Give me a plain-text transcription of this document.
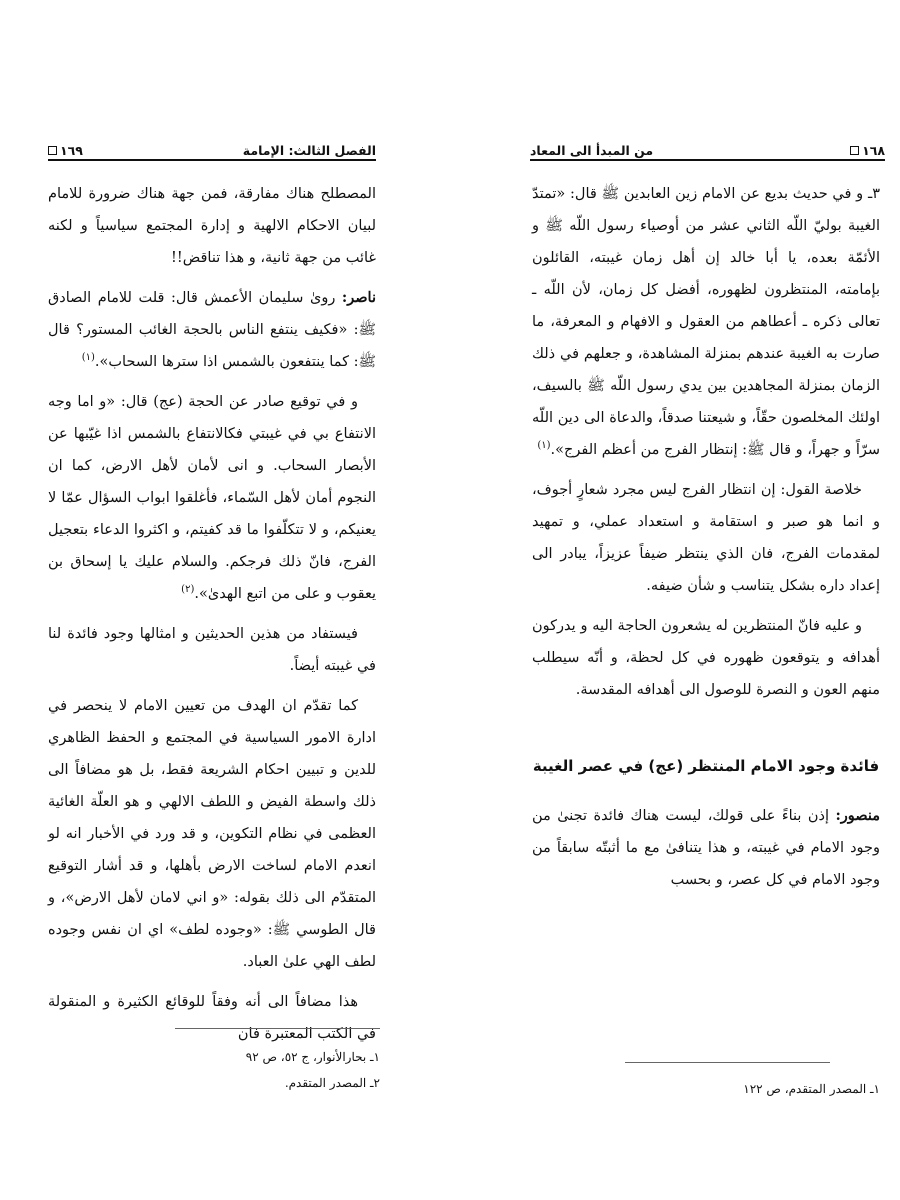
الفصل الثالث: الإمامة
١٦٩

المصطلح هناك مفارقة، فمن جهة هناك ضرورة للامام لبيان الاحكام الالهية و إدارة المجتمع سياسياً و لكنه غائب من جهة ثانية، و هذا تناقض!!

ناصر: روىٰ سليمان الأعمش قال: قلت للامام الصادق ﷺ: «فكيف ينتفع الناس بالحجة الغائب المستور؟ قال ﷺ: كما ينتفعون بالشمس اذا سترها السحاب».$^{(١)}$

و في توقيع صادر عن الحجة (عج) قال: «و اما وجه الانتفاع بي في غيبتي فكالانتفاع بالشمس اذا غيّبها عن الأبصار السحاب. و انى لأمان لأهل الارض، كما ان النجوم أمان لأهل السّماء، فأغلقوا ابواب السؤال عمّا لا يعنيكم، و لا تتكلّفوا ما قد كفيتم، و اكثروا الدعاء بتعجيل الفرج، فانّ ذلك فرجكم. والسلام عليك يا إسحاق بن يعقوب و على من اتبع الهدىٰ».$^{(٢)}$

فيستفاد من هذين الحديثين و امثالها وجود فائدة لنا في غيبته أيضاً.

كما تقدّم ان الهدف من تعيين الامام لا ينحصر في ادارة الامور السياسية في المجتمع و الحفظ الظاهري للدين و تبيين احكام الشريعة فقط، بل هو مضافاً الى ذلك واسطة الفيض و اللطف الالهي و هو العلّة الغائية العظمى في نظام التكوين، و قد ورد في الأخبار انه لو انعدم الامام لساخت الارض بأهلها، و قد أشار التوقيع المتقدّم الى ذلك بقوله: «و اني لامان لأهل الارض»، و قال الطوسي ﷺ: «وجوده لطف» اي ان نفس وجوده لطف الهي علىٰ العباد.

هذا مضافاً الى أنه وفقاً للوقائع الكثيرة و المنقولة في الكتب المعتبرة فان

١ـ بحارالأنوار، ج ٥٢، ص ٩٢
٢ـ المصدر المتقدم.
١٦٨
من المبدأ الى المعاد

٣ـ و في حديث بديع عن الامام زين العابدين ﷺ قال: «تمتدّ الغيبة بوليّ اللّه الثاني عشر من أوصياء رسول اللّه ﷺ و الأئمّة بعده، يا أبا خالد إن أهل زمان غيبته، القائلون بإمامته، المنتظرون لظهوره، أفضل كل زمان، لأن اللّه ـ تعالى ذكره ـ أعطاهم من العقول و الافهام و المعرفة، ما صارت به الغيبة عندهم بمنزلة المشاهدة، و جعلهم في ذلك الزمان بمنزلة المجاهدين بين يدي رسول اللّه ﷺ بالسيف، اولئك المخلصون حقّاً، و شيعتنا صدقاً، والدعاة الى دين اللّه سرّاً و جهراً، و قال ﷺ: إنتظار الفرج من أعظم الفرج».$^{(١)}$

خلاصة القول: إن انتظار الفرج ليس مجرد شعارٍ أجوف، و انما هو صبر و استقامة و استعداد عملي، و تمهيد لمقدمات الفرج، فان الذي ينتظر ضيفاً عزيزاً، يبادر الى إعداد داره بشكل يتناسب و شأن ضيفه.

و عليه فانّ المنتظرين له يشعرون الحاجة اليه و يدركون أهدافه و يتوقعون ظهوره في كل لحظة، و أنّه سيطلب منهم العون و النصرة للوصول الى أهدافه المقدسة.

فائدة وجود الامام المنتظر (عج) في عصر الغيبة

منصور: إذن بناءً على قولك، ليست هناك فائدة تجنىٰ من وجود الامام في غيبته، و هذا يتنافىٰ مع ما أثبتّه سابقاً من وجود الامام في كل عصر، و بحسب

١ـ المصدر المتقدم، ص ١٢٢
